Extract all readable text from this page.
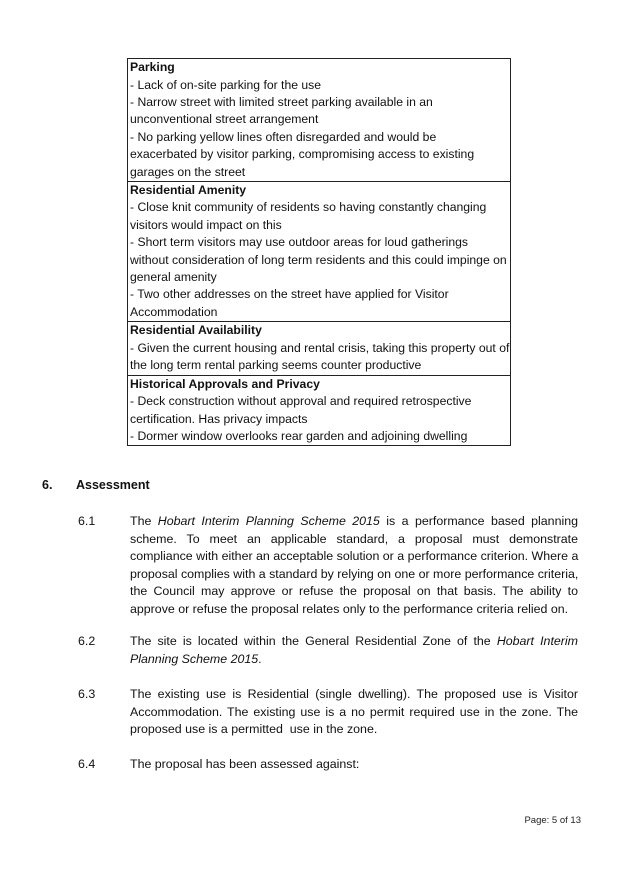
Parking
- Lack of on-site parking for the use
- Narrow street with limited street parking available in an
unconventional street arrangement
- No parking yellow lines often disregarded and would be
exacerbated by visitor parking, compromising access to existing
garages on the street
Residential Amenity
- Close knit community of residents so having constantly changing
visitors would impact on this
- Short term visitors may use outdoor areas for loud gatherings
without consideration of long term residents and this could impinge on
general amenity
- Two other addresses on the street have applied for Visitor
Accommodation
Residential Availability
- Given the current housing and rental crisis, taking this property out of
the long term rental parking seems counter productive
Historical Approvals and Privacy
- Deck construction without approval and required retrospective
certification. Has privacy impacts
- Dormer window overlooks rear garden and adjoining dwelling
6. Assessment
6.1	The Hobart Interim Planning Scheme 2015 is a performance based planning
scheme. To meet an applicable standard, a proposal must demonstrate
compliance with either an acceptable solution or a performance criterion. Where a
proposal complies with a standard by relying on one or more performance criteria,
the Council may approve or refuse the proposal on that basis. The ability to
approve or refuse the proposal relates only to the performance criteria relied on.
6.2	The site is located within the General Residential Zone of the Hobart Interim
Planning Scheme 2015.
6.3	The existing use is Residential (single dwelling). The proposed use is Visitor
Accommodation. The existing use is a no permit required use in the zone. The
proposed use is a permitted  use in the zone.
6.4	The proposal has been assessed against:
Page: 5 of 13
